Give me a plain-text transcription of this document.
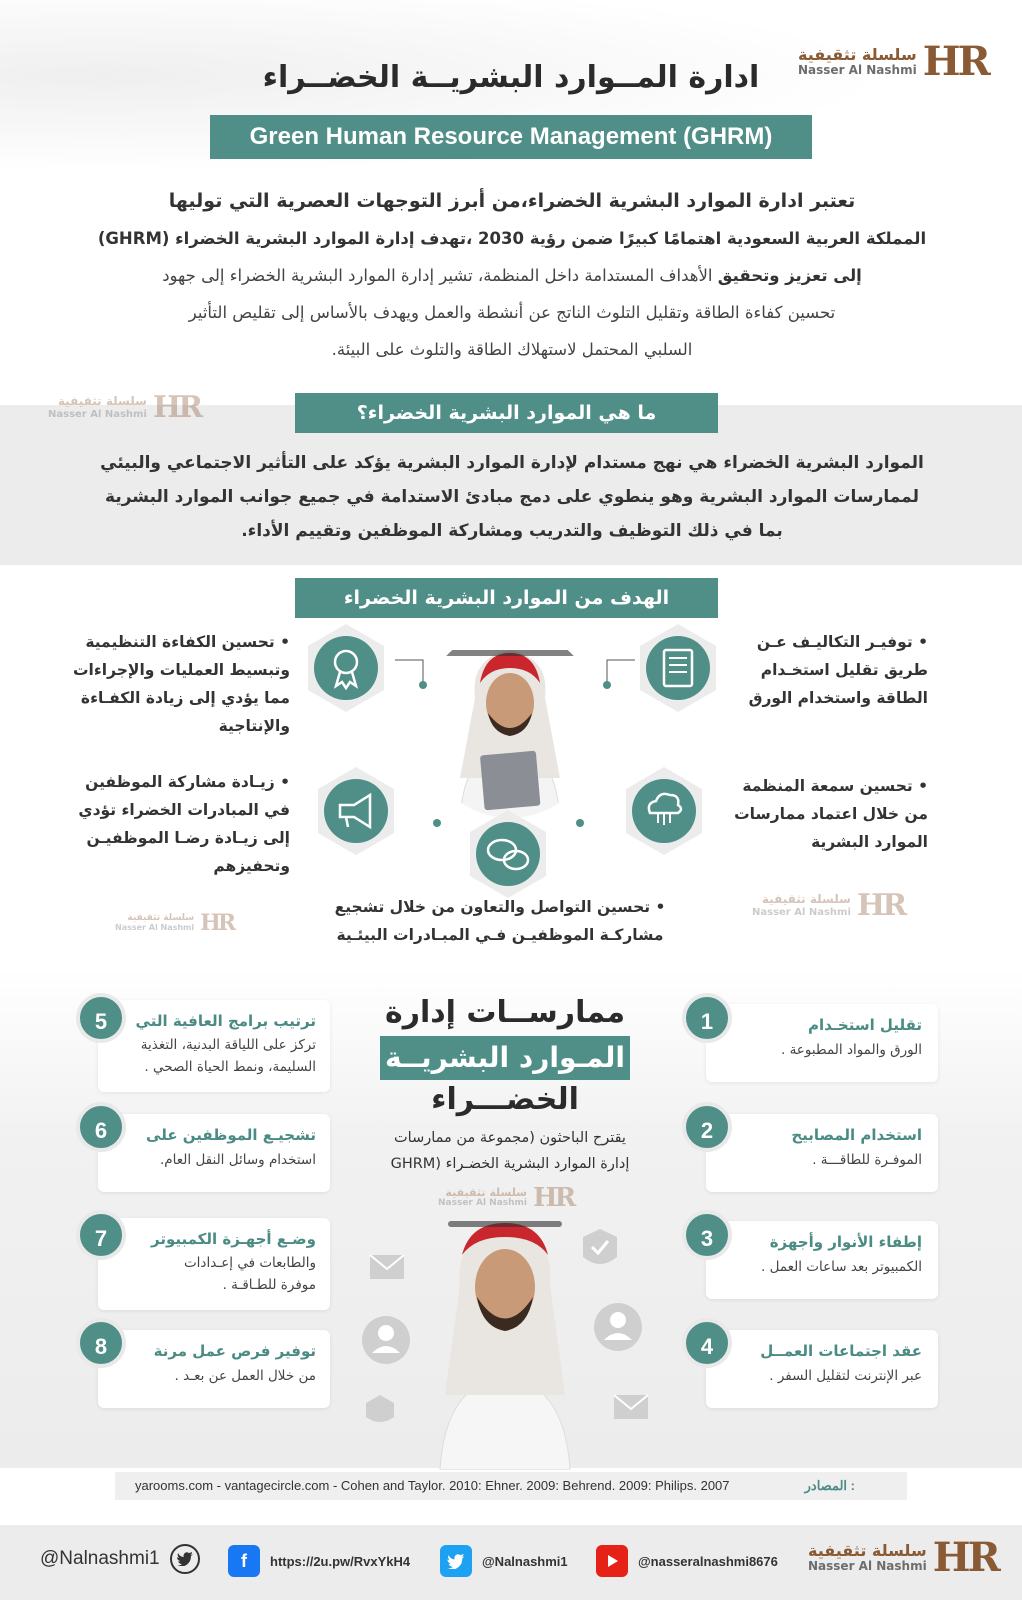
سلسلة تثقيفية
Nasser Al Nashmi HR
ادارة المــوارد البشريــة الخضــراء
Green Human Resource Management (GHRM)
تعتبر ادارة الموارد البشرية الخضراء،من أبرز التوجهات العصرية التي توليها
المملكة العربية السعودية اهتمامًا كبيرًا ضمن رؤية 2030 ،تهدف إدارة الموارد البشرية الخضراء (GHRM)
إلى تعزيز وتحقيق الأهداف المستدامة داخل المنظمة، تشير إدارة الموارد البشرية الخضراء إلى جهود
تحسين كفاءة الطاقة وتقليل التلوث الناتج عن أنشطة والعمل ويهدف بالأساس إلى تقليص التأثير
السلبي المحتمل لاستهلاك الطاقة والتلوث على البيئة.
سلسلة تثقيفية
Nasser Al Nashmi HR	ما هي الموارد البشرية الخضراء؟
الموارد البشرية الخضراء هي نهج مستدام لإدارة الموارد البشرية يؤكد على التأثير الاجتماعي والبيئي
لممارسات الموارد البشرية وهو ينطوي على دمج مبادئ الاستدامة في جميع جوانب الموارد البشرية
بما في ذلك التوظيف والتدريب ومشاركة الموظفين وتقييم الأداء.
الهدف من الموارد البشرية الخضراء
• تحسين الكفاءة التنظيمية
وتبسيط العمليات والإجراءات
مما يؤدي إلى زيادة الكفـاءة
والإنتاجية
• توفيـر التكاليـف عـن
طريق تقليل استخـدام
الطاقة واستخدام الورق
• زيـادة مشاركة الموظفين
في المبادرات الخضراء تؤدي
إلى زيـادة رضـا الموظفيـن
وتحفيزهم
• تحسين سمعة المنظمة
من خلال اعتماد ممارسات
الموارد البشرية
• تحسين التواصل والتعاون من خلال تشجيع
مشاركـة الموظفيـن فـي المبـادرات البيئـية
سلسلة تثقيفية
Nasser Al Nashmi HR
سلسلة تثقيفية
Nasser Al Nashmi HR
ممارســات إدارة
المـوارد البشريــة
الخضـــراء
يقترح الباحثون (مجموعة من ممارسات
إدارة الموارد البشرية الخضـراء (GHRM
سلسلة تثقيفية
Nasser Al Nashmi HR
تقليل استخـدام
الورق والمواد المطبوعة .
1
استخدام المصابيح
الموفـرة للطاقـــة .
2
إطفاء الأنوار وأجهزة
الكمبيوتر بعد ساعات العمل .
3
عقد اجتماعات العمــل
عبر الإنترنت لتقليل السفر .
4
ترتيب برامج العافية التي
تركز على اللياقة البدنية، التغذية
السليمة، ونمط الحياة الصحي .
5
تشجيـع الموظفين على
استخدام وسائل النقل العام.
6
وضـع أجهـزة الكمبيوتر
والطابعات في إعـدادات
موفرة للطـاقـة .
7
توفير فرص عمل مرنة
من خلال العمل عن بعـد .
8
المصادر :
yarooms.com - vantagecircle.com - Cohen and Taylor. 2010: Ehner. 2009: Behrend. 2009: Philips. 2007
@Nalnashmi1	f	https://2u.pw/RvxYkH4	@Nalnashmi1	@nasseralnashmi8676
سلسلة تثقيفية
Nasser Al Nashmi HR
